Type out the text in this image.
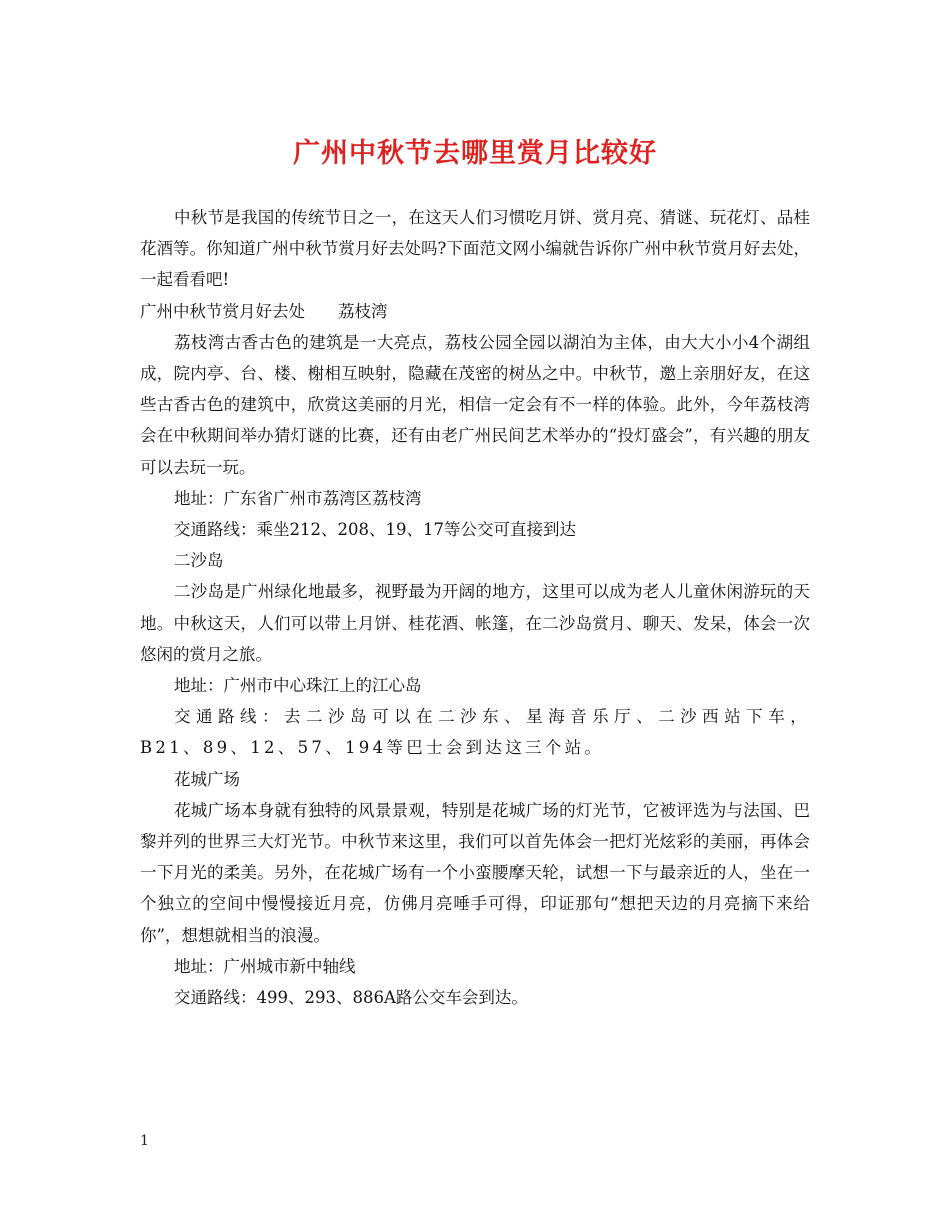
广州中秋节去哪里赏月比较好

中秋节是我国的传统节日之一，在这天人们习惯吃月饼、赏月亮、猜谜、玩花灯、品桂花酒等。你知道广州中秋节赏月好去处吗?下面范文网小编就告诉你广州中秋节赏月好去处，一起看看吧!

广州中秋节赏月好去处　　荔枝湾

荔枝湾古香古色的建筑是一大亮点，荔枝公园全园以湖泊为主体，由大大小小4个湖组成，院内亭、台、楼、榭相互映射，隐藏在茂密的树丛之中。中秋节，邀上亲朋好友，在这些古香古色的建筑中，欣赏这美丽的月光，相信一定会有不一样的体验。此外，今年荔枝湾会在中秋期间举办猜灯谜的比赛，还有由老广州民间艺术举办的“投灯盛会”，有兴趣的朋友可以去玩一玩。

地址：广东省广州市荔湾区荔枝湾

交通路线：乘坐212、208、19、17等公交可直接到达

二沙岛

二沙岛是广州绿化地最多，视野最为开阔的地方，这里可以成为老人儿童休闲游玩的天地。中秋这天，人们可以带上月饼、桂花酒、帐篷，在二沙岛赏月、聊天、发呆，体会一次悠闲的赏月之旅。

地址：广州市中心珠江上的江心岛

交通路线：去二沙岛可以在二沙东、星海音乐厅、二沙西站下车，B21、89、12、57、194等巴士会到达这三个站。

花城广场

花城广场本身就有独特的风景景观，特别是花城广场的灯光节，它被评选为与法国、巴黎并列的世界三大灯光节。中秋节来这里，我们可以首先体会一把灯光炫彩的美丽，再体会一下月光的柔美。另外，在花城广场有一个小蛮腰摩天轮，试想一下与最亲近的人，坐在一个独立的空间中慢慢接近月亮，仿佛月亮唾手可得，印证那句“想把天边的月亮摘下来给你”，想想就相当的浪漫。

地址：广州城市新中轴线

交通路线：499、293、886A路公交车会到达。

1
